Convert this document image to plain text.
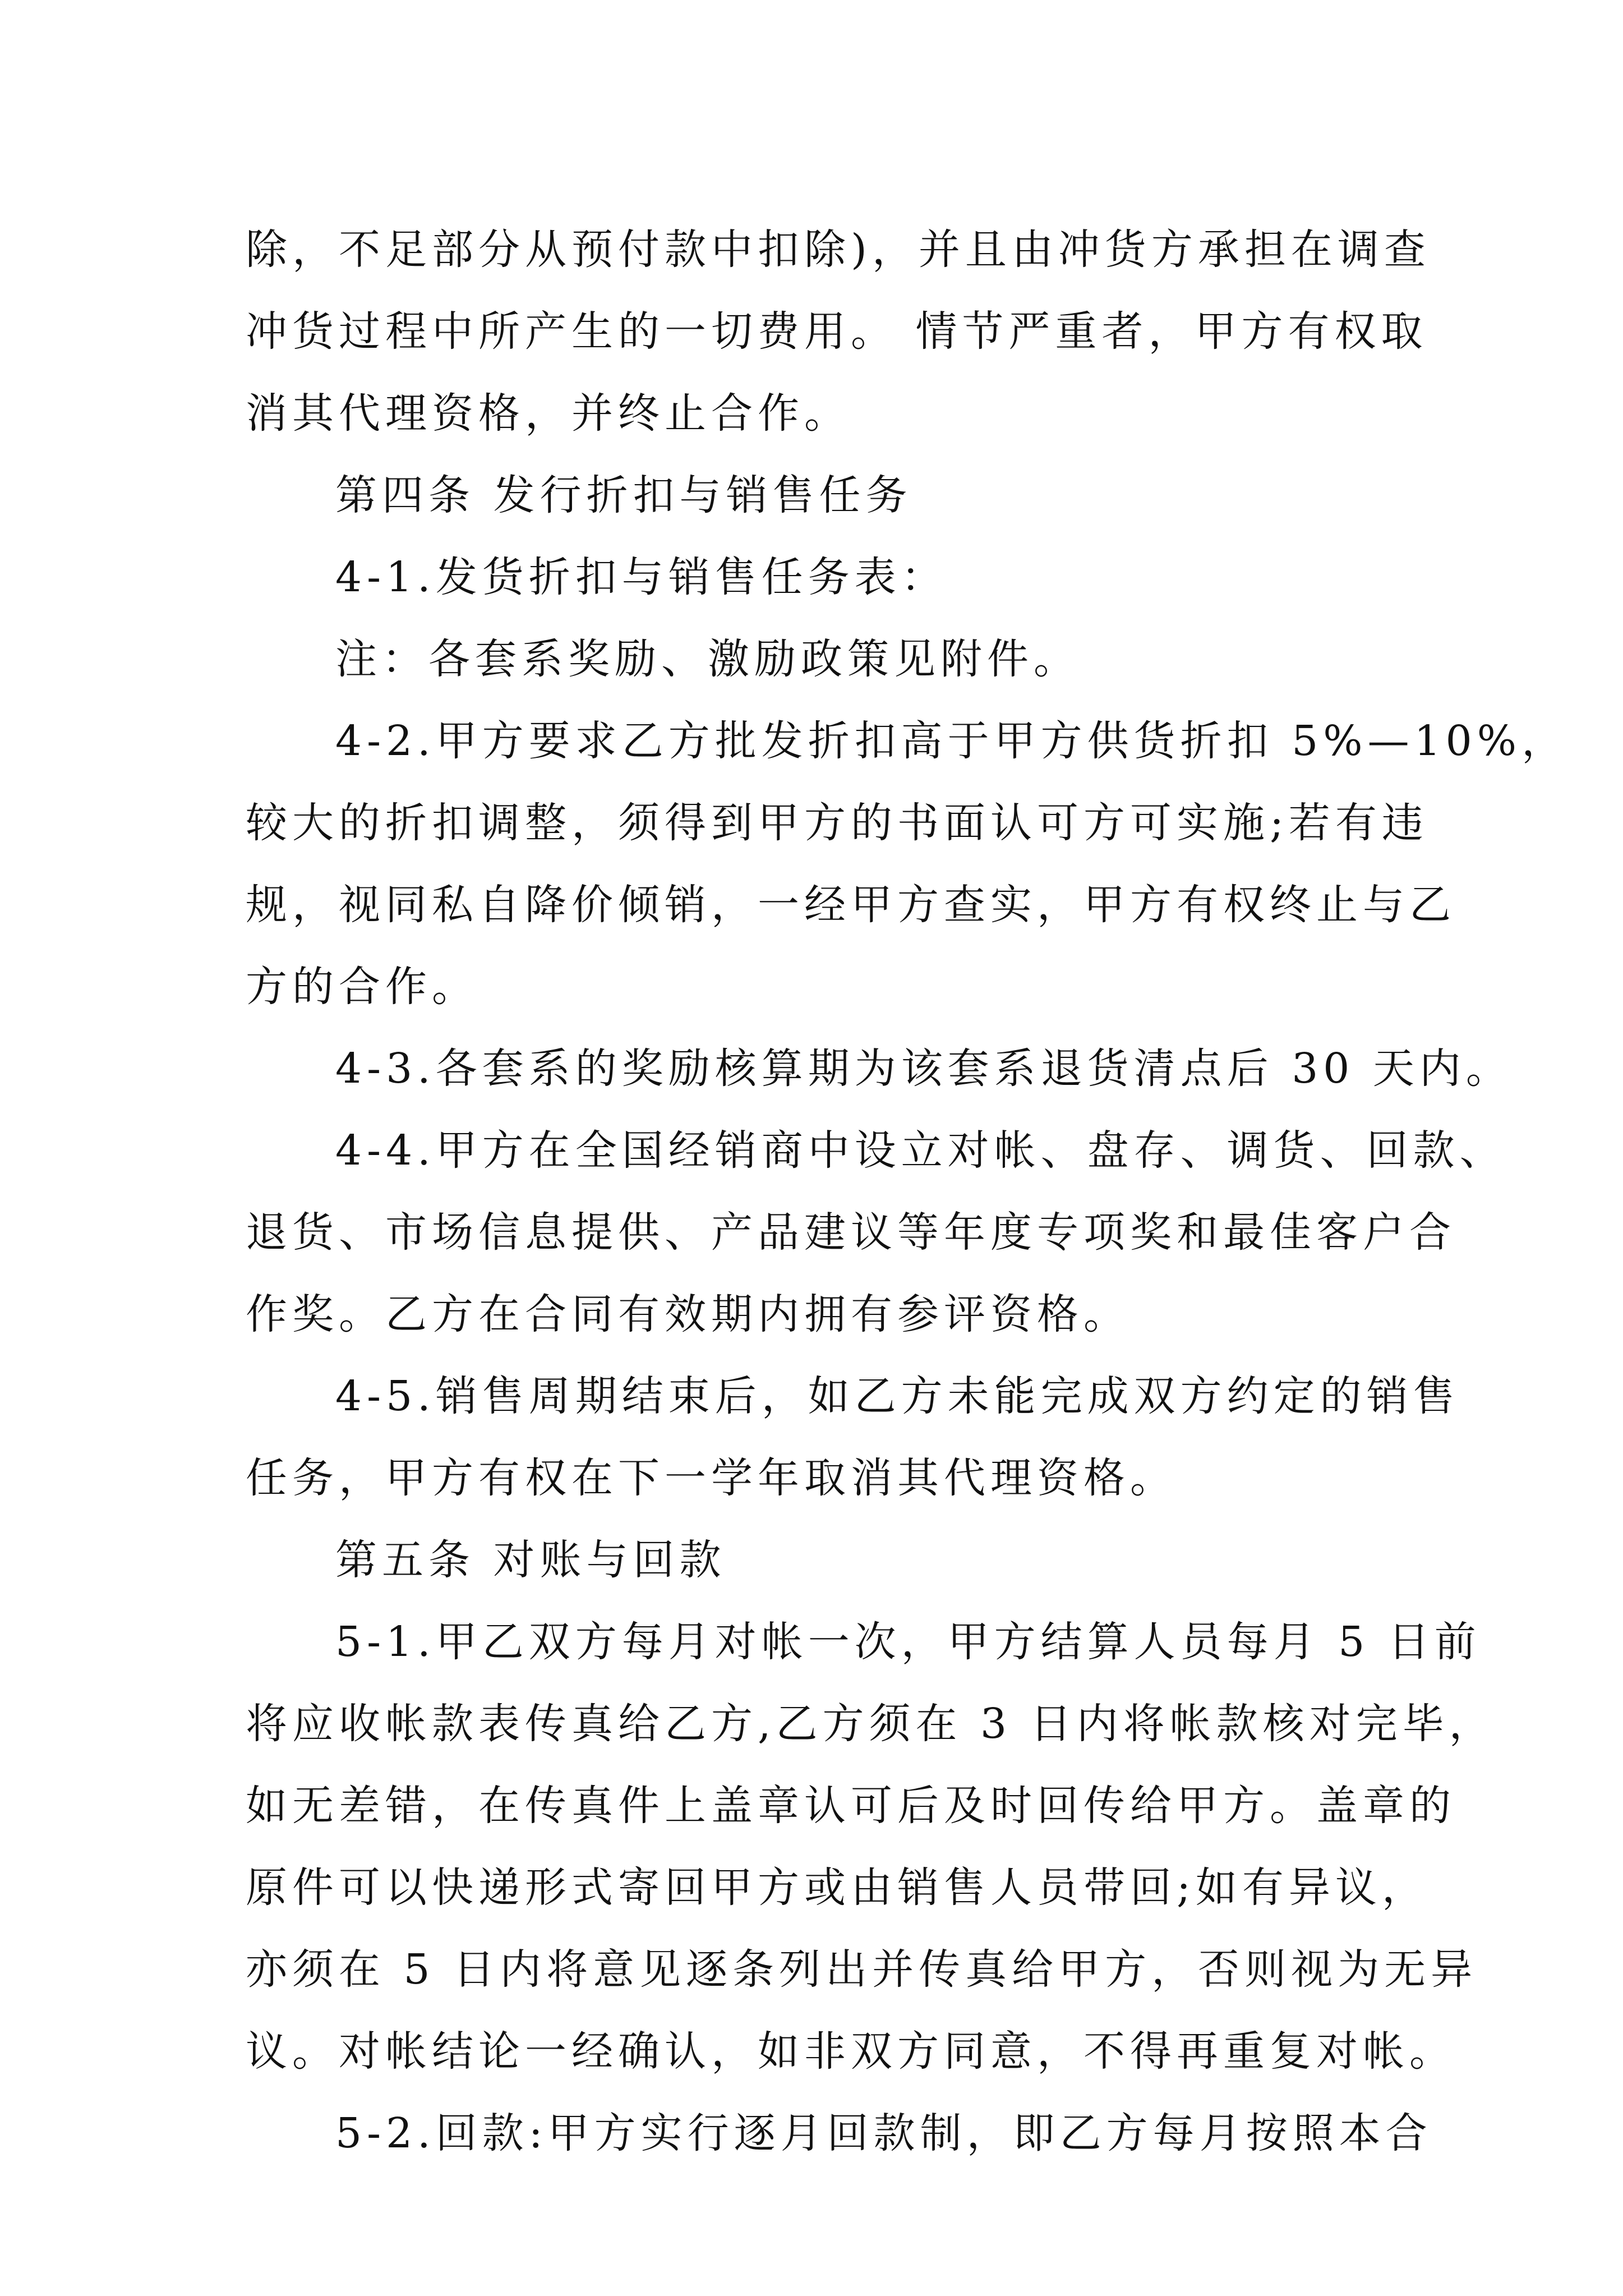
除，不足部分从预付款中扣除)，并且由冲货方承担在调查
冲货过程中所产生的一切费用。 情节严重者，甲方有权取
消其代理资格，并终止合作。
第四条 发行折扣与销售任务
4-1.发货折扣与销售任务表：
注：各套系奖励、激励政策见附件。
4-2.甲方要求乙方批发折扣高于甲方供货折扣 5%—10%，
较大的折扣调整，须得到甲方的书面认可方可实施;若有违
规，视同私自降价倾销，一经甲方查实，甲方有权终止与乙
方的合作。
4-3.各套系的奖励核算期为该套系退货清点后 30 天内。
4-4.甲方在全国经销商中设立对帐、盘存、调货、回款、
退货、市场信息提供、产品建议等年度专项奖和最佳客户合
作奖。乙方在合同有效期内拥有参评资格。
4-5.销售周期结束后，如乙方未能完成双方约定的销售
任务，甲方有权在下一学年取消其代理资格。
第五条 对账与回款
5-1.甲乙双方每月对帐一次，甲方结算人员每月 5 日前
将应收帐款表传真给乙方,乙方须在 3 日内将帐款核对完毕，
如无差错，在传真件上盖章认可后及时回传给甲方。盖章的
原件可以快递形式寄回甲方或由销售人员带回;如有异议，
亦须在 5 日内将意见逐条列出并传真给甲方，否则视为无异
议。对帐结论一经确认，如非双方同意，不得再重复对帐。
5-2.回款:甲方实行逐月回款制，即乙方每月按照本合
